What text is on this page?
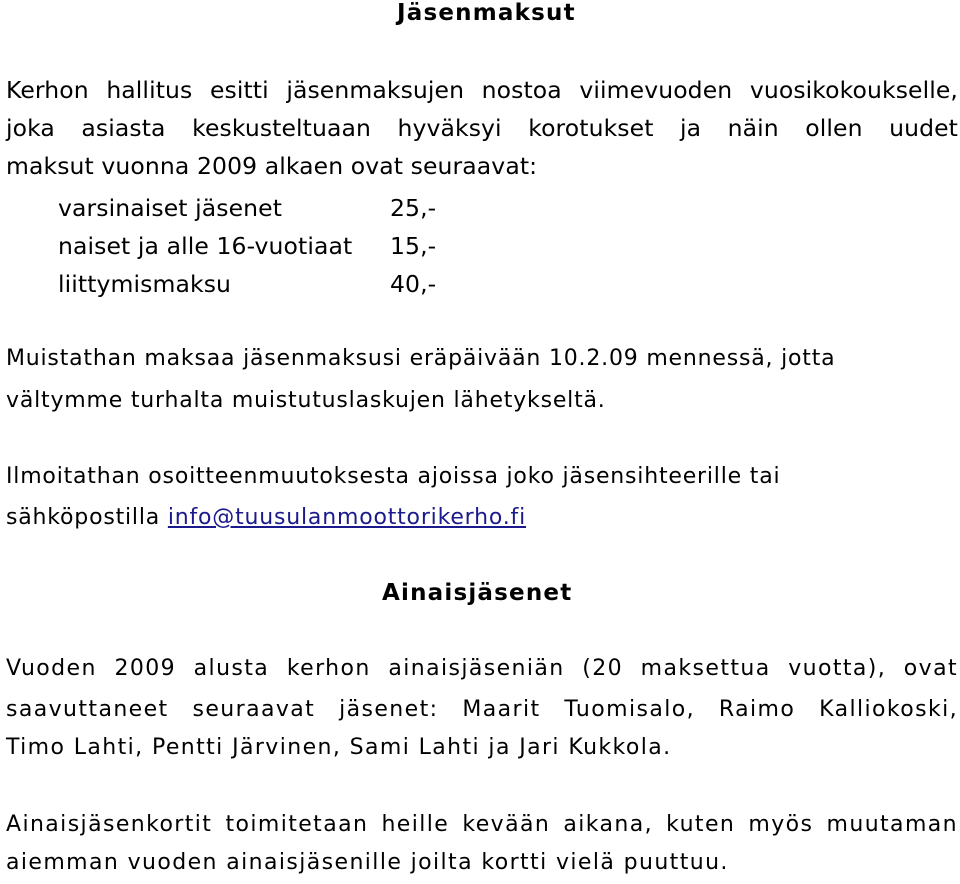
Jäsenmaksut
Kerhon hallitus esitti jäsenmaksujen nostoa viimevuoden vuosikokoukselle,
joka asiasta keskusteltuaan hyväksyi korotukset ja näin ollen uudet
maksut vuonna 2009 alkaen ovat seuraavat:
varsinaiset jäsenet	25,-
naiset ja alle 16-vuotiaat 15,-
liittymismaksu	40,-
Muistathan maksaa jäsenmaksusi eräpäivään 10.2.09 mennessä, jotta
vältymme turhalta muistutuslaskujen lähetykseltä.
Ilmoitathan osoitteenmuutoksesta ajoissa joko jäsensihteerille tai
sähköpostilla info@tuusulanmoottorikerho.fi
Ainaisjäsenet
Vuoden 2009 alusta kerhon ainaisjäseniän (20 maksettua vuotta), ovat
saavuttaneet seuraavat jäsenet: Maarit Tuomisalo, Raimo Kalliokoski,
Timo Lahti, Pentti Järvinen, Sami Lahti ja Jari Kukkola.
Ainaisjäsenkortit toimitetaan heille kevään aikana, kuten myös muutaman
aiemman vuoden ainaisjäsenille joilta kortti vielä puuttuu.
